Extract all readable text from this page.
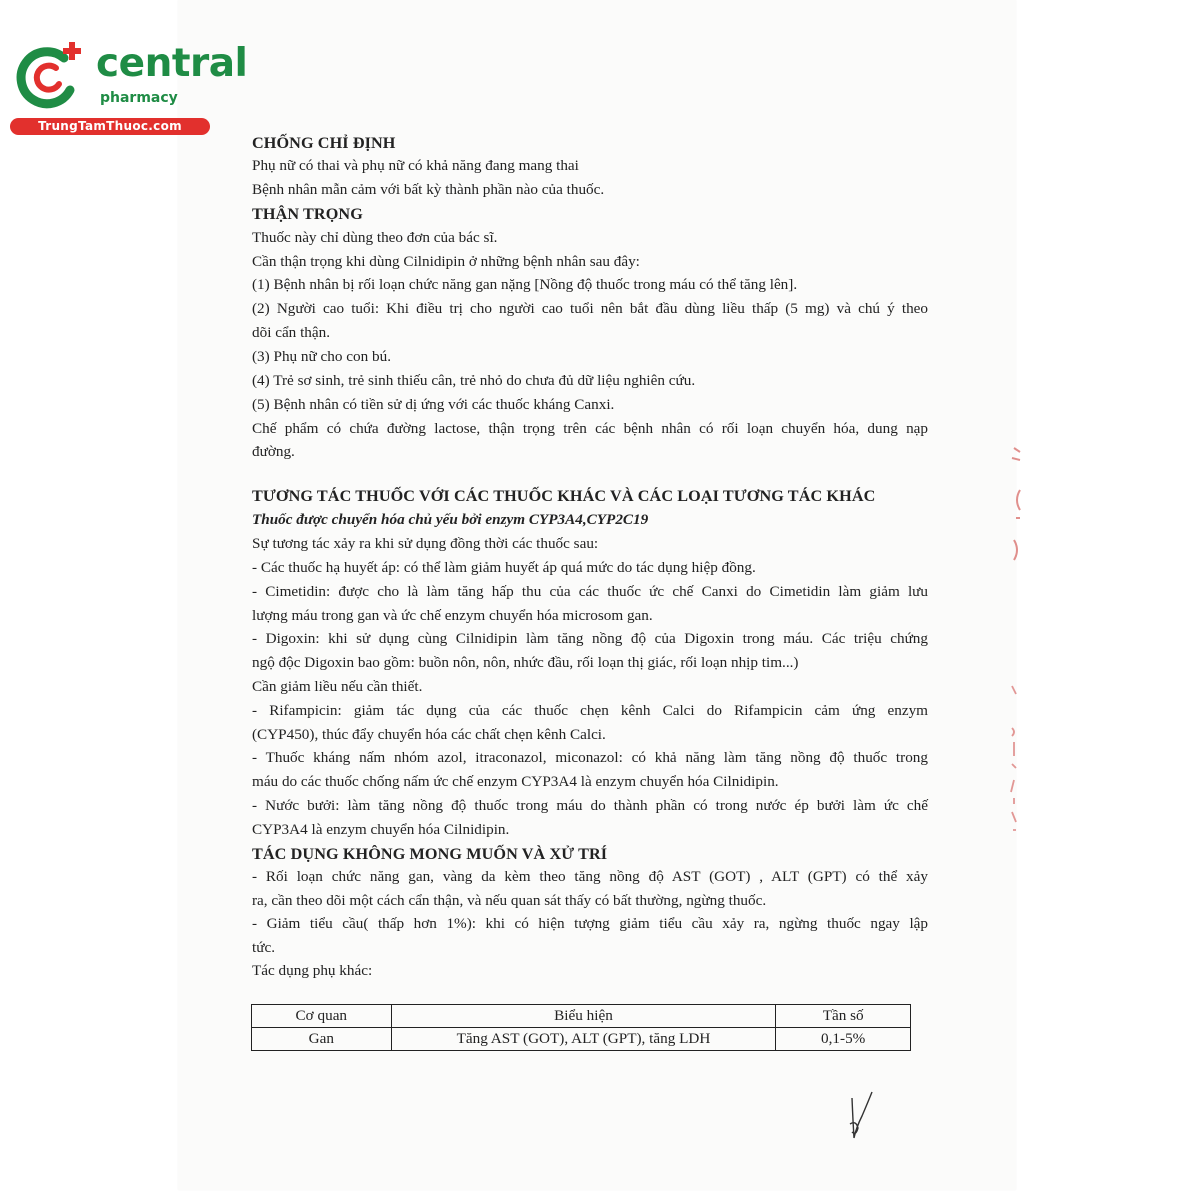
central
pharmacy
TrungTamThuoc.com
CHỐNG CHỈ ĐỊNH
Phụ nữ có thai và phụ nữ có khả năng đang mang thai
Bệnh nhân mẫn cảm với bất kỳ thành phần nào của thuốc.
THẬN TRỌNG
Thuốc này chỉ dùng theo đơn của bác sĩ.
Cần thận trọng khi dùng Cilnidipin ở những bệnh nhân sau đây:
(1) Bệnh nhân bị rối loạn chức năng gan nặng [Nồng độ thuốc trong máu có thể tăng lên].
(2) Người cao tuổi: Khi điều trị cho người cao tuổi nên bắt đầu dùng liều thấp (5 mg) và chú ý theo
dõi cẩn thận.
(3) Phụ nữ cho con bú.
(4) Trẻ sơ sinh, trẻ sinh thiếu cân, trẻ nhỏ do chưa đủ dữ liệu nghiên cứu.
(5) Bệnh nhân có tiền sử dị ứng với các thuốc kháng Canxi.
Chế phẩm có chứa đường lactose, thận trọng trên các bệnh nhân có rối loạn chuyển hóa, dung nạp
đường.
TƯƠNG TÁC THUỐC VỚI CÁC THUỐC KHÁC VÀ CÁC LOẠI TƯƠNG TÁC KHÁC
Thuốc được chuyển hóa chủ yếu bởi enzym CYP3A4,CYP2C19
Sự tương tác xảy ra khi sử dụng đồng thời các thuốc sau:
- Các thuốc hạ huyết áp: có thể làm giảm huyết áp quá mức do tác dụng hiệp đồng.
- Cimetidin: được cho là làm tăng hấp thu của các thuốc ức chế Canxi do Cimetidin làm giảm lưu
lượng máu trong gan và ức chế enzym chuyển hóa microsom gan.
- Digoxin: khi sử dụng cùng Cilnidipin làm tăng nồng độ của Digoxin trong máu. Các triệu chứng
ngộ độc Digoxin bao gồm: buồn nôn, nôn, nhức đầu, rối loạn thị giác, rối loạn nhịp tim...)
Cần giảm liều nếu cần thiết.
- Rifampicin: giảm tác dụng của các thuốc chẹn kênh Calci do Rifampicin cảm ứng enzym
(CYP450), thúc đẩy chuyển hóa các chất chẹn kênh Calci.
- Thuốc kháng nấm nhóm azol, itraconazol, miconazol: có khả năng làm tăng nồng độ thuốc trong
máu do các thuốc chống nấm ức chế enzym CYP3A4 là enzym chuyển hóa Cilnidipin.
- Nước bưởi: làm tăng nồng độ thuốc trong máu do thành phần có trong nước ép bưởi làm ức chế
CYP3A4 là enzym chuyển hóa Cilnidipin.
TÁC DỤNG KHÔNG MONG MUỐN VÀ XỬ TRÍ
- Rối loạn chức năng gan, vàng da kèm theo tăng nồng độ AST (GOT) , ALT (GPT) có thể xảy
ra, cần theo dõi một cách cẩn thận, và nếu quan sát thấy có bất thường, ngừng thuốc.
- Giảm tiểu cầu( thấp hơn 1%): khi có hiện tượng giảm tiểu cầu xảy ra, ngừng thuốc ngay lập
tức.
Tác dụng phụ khác:
Cơ quan	Biểu hiện	Tần số
Gan	Tăng AST (GOT), ALT (GPT), tăng LDH	0,1-5%
